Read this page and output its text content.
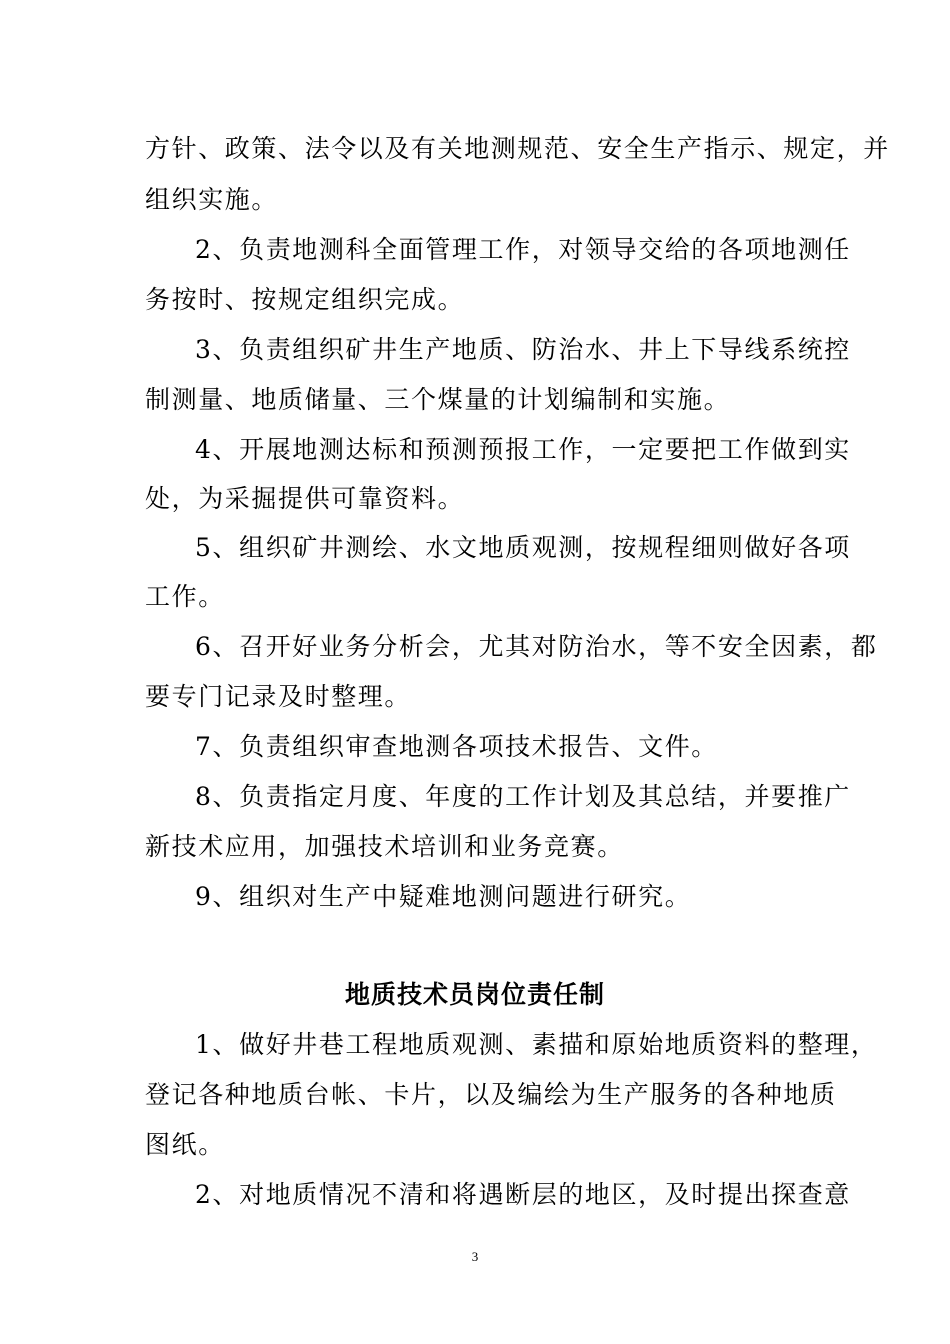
方针、政策、法令以及有关地测规范、安全生产指示、规定，并
组织实施。
2、负责地测科全面管理工作，对领导交给的各项地测任
务按时、按规定组织完成。
3、负责组织矿井生产地质、防治水、井上下导线系统控
制测量、地质储量、三个煤量的计划编制和实施。
4、开展地测达标和预测预报工作，一定要把工作做到实
处，为采掘提供可靠资料。
5、组织矿井测绘、水文地质观测，按规程细则做好各项
工作。
6、召开好业务分析会，尤其对防治水，等不安全因素，都
要专门记录及时整理。
7、负责组织审查地测各项技术报告、文件。
8、负责指定月度、年度的工作计划及其总结，并要推广
新技术应用，加强技术培训和业务竞赛。
9、组织对生产中疑难地测问题进行研究。
地质技术员岗位责任制
1、做好井巷工程地质观测、素描和原始地质资料的整理，
登记各种地质台帐、卡片，以及编绘为生产服务的各种地质
图纸。
2、对地质情况不清和将遇断层的地区，及时提出探查意
3
